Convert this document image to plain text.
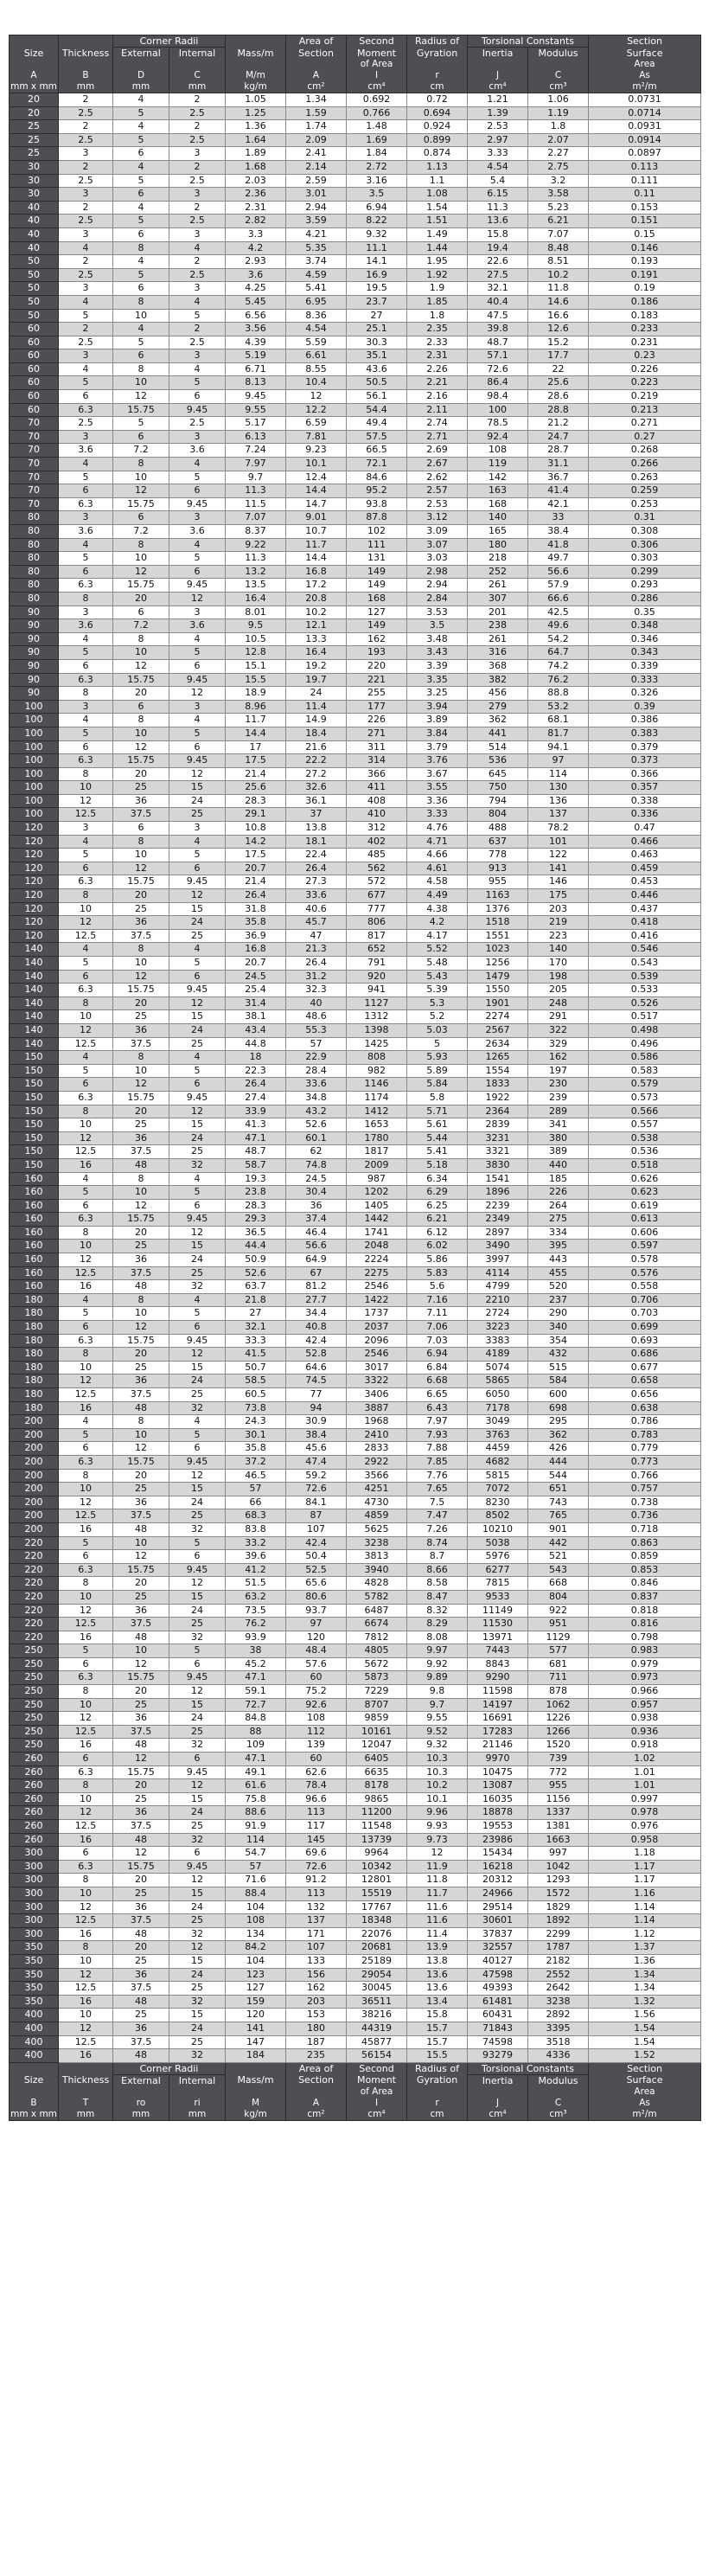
		Corner Radii			Area of	Second	Radius of	Torsional Constants		Section
Size	Thickness	External	Internal	Mass/m	Section	Moment	Gyration	Inertia	Modulus	Surface
						of Area				Area
A	B	D	C	M/m	A	I	r	J	C	As
mm x mm	mm	mm	mm	kg/m	cm²	cm⁴	cm	cm⁴	cm³	m²/m
20	2	4	2	1.05	1.34	0.692	0.72	1.21	1.06	0.0731
20	2.5	5	2.5	1.25	1.59	0.766	0.694	1.39	1.19	0.0714
25	2	4	2	1.36	1.74	1.48	0.924	2.53	1.8	0.0931
25	2.5	5	2.5	1.64	2.09	1.69	0.899	2.97	2.07	0.0914
25	3	6	3	1.89	2.41	1.84	0.874	3.33	2.27	0.0897
30	2	4	2	1.68	2.14	2.72	1.13	4.54	2.75	0.113
30	2.5	5	2.5	2.03	2.59	3.16	1.1	5.4	3.2	0.111
30	3	6	3	2.36	3.01	3.5	1.08	6.15	3.58	0.11
40	2	4	2	2.31	2.94	6.94	1.54	11.3	5.23	0.153
40	2.5	5	2.5	2.82	3.59	8.22	1.51	13.6	6.21	0.151
40	3	6	3	3.3	4.21	9.32	1.49	15.8	7.07	0.15
40	4	8	4	4.2	5.35	11.1	1.44	19.4	8.48	0.146
50	2	4	2	2.93	3.74	14.1	1.95	22.6	8.51	0.193
50	2.5	5	2.5	3.6	4.59	16.9	1.92	27.5	10.2	0.191
50	3	6	3	4.25	5.41	19.5	1.9	32.1	11.8	0.19
50	4	8	4	5.45	6.95	23.7	1.85	40.4	14.6	0.186
50	5	10	5	6.56	8.36	27	1.8	47.5	16.6	0.183
60	2	4	2	3.56	4.54	25.1	2.35	39.8	12.6	0.233
60	2.5	5	2.5	4.39	5.59	30.3	2.33	48.7	15.2	0.231
60	3	6	3	5.19	6.61	35.1	2.31	57.1	17.7	0.23
60	4	8	4	6.71	8.55	43.6	2.26	72.6	22	0.226
60	5	10	5	8.13	10.4	50.5	2.21	86.4	25.6	0.223
60	6	12	6	9.45	12	56.1	2.16	98.4	28.6	0.219
60	6.3	15.75	9.45	9.55	12.2	54.4	2.11	100	28.8	0.213
70	2.5	5	2.5	5.17	6.59	49.4	2.74	78.5	21.2	0.271
70	3	6	3	6.13	7.81	57.5	2.71	92.4	24.7	0.27
70	3.6	7.2	3.6	7.24	9.23	66.5	2.69	108	28.7	0.268
70	4	8	4	7.97	10.1	72.1	2.67	119	31.1	0.266
70	5	10	5	9.7	12.4	84.6	2.62	142	36.7	0.263
70	6	12	6	11.3	14.4	95.2	2.57	163	41.4	0.259
70	6.3	15.75	9.45	11.5	14.7	93.8	2.53	168	42.1	0.253
80	3	6	3	7.07	9.01	87.8	3.12	140	33	0.31
80	3.6	7.2	3.6	8.37	10.7	102	3.09	165	38.4	0.308
80	4	8	4	9.22	11.7	111	3.07	180	41.8	0.306
80	5	10	5	11.3	14.4	131	3.03	218	49.7	0.303
80	6	12	6	13.2	16.8	149	2.98	252	56.6	0.299
80	6.3	15.75	9.45	13.5	17.2	149	2.94	261	57.9	0.293
80	8	20	12	16.4	20.8	168	2.84	307	66.6	0.286
90	3	6	3	8.01	10.2	127	3.53	201	42.5	0.35
90	3.6	7.2	3.6	9.5	12.1	149	3.5	238	49.6	0.348
90	4	8	4	10.5	13.3	162	3.48	261	54.2	0.346
90	5	10	5	12.8	16.4	193	3.43	316	64.7	0.343
90	6	12	6	15.1	19.2	220	3.39	368	74.2	0.339
90	6.3	15.75	9.45	15.5	19.7	221	3.35	382	76.2	0.333
90	8	20	12	18.9	24	255	3.25	456	88.8	0.326
100	3	6	3	8.96	11.4	177	3.94	279	53.2	0.39
100	4	8	4	11.7	14.9	226	3.89	362	68.1	0.386
100	5	10	5	14.4	18.4	271	3.84	441	81.7	0.383
100	6	12	6	17	21.6	311	3.79	514	94.1	0.379
100	6.3	15.75	9.45	17.5	22.2	314	3.76	536	97	0.373
100	8	20	12	21.4	27.2	366	3.67	645	114	0.366
100	10	25	15	25.6	32.6	411	3.55	750	130	0.357
100	12	36	24	28.3	36.1	408	3.36	794	136	0.338
100	12.5	37.5	25	29.1	37	410	3.33	804	137	0.336
120	3	6	3	10.8	13.8	312	4.76	488	78.2	0.47
120	4	8	4	14.2	18.1	402	4.71	637	101	0.466
120	5	10	5	17.5	22.4	485	4.66	778	122	0.463
120	6	12	6	20.7	26.4	562	4.61	913	141	0.459
120	6.3	15.75	9.45	21.4	27.3	572	4.58	955	146	0.453
120	8	20	12	26.4	33.6	677	4.49	1163	175	0.446
120	10	25	15	31.8	40.6	777	4.38	1376	203	0.437
120	12	36	24	35.8	45.7	806	4.2	1518	219	0.418
120	12.5	37.5	25	36.9	47	817	4.17	1551	223	0.416
140	4	8	4	16.8	21.3	652	5.52	1023	140	0.546
140	5	10	5	20.7	26.4	791	5.48	1256	170	0.543
140	6	12	6	24.5	31.2	920	5.43	1479	198	0.539
140	6.3	15.75	9.45	25.4	32.3	941	5.39	1550	205	0.533
140	8	20	12	31.4	40	1127	5.3	1901	248	0.526
140	10	25	15	38.1	48.6	1312	5.2	2274	291	0.517
140	12	36	24	43.4	55.3	1398	5.03	2567	322	0.498
140	12.5	37.5	25	44.8	57	1425	5	2634	329	0.496
150	4	8	4	18	22.9	808	5.93	1265	162	0.586
150	5	10	5	22.3	28.4	982	5.89	1554	197	0.583
150	6	12	6	26.4	33.6	1146	5.84	1833	230	0.579
150	6.3	15.75	9.45	27.4	34.8	1174	5.8	1922	239	0.573
150	8	20	12	33.9	43.2	1412	5.71	2364	289	0.566
150	10	25	15	41.3	52.6	1653	5.61	2839	341	0.557
150	12	36	24	47.1	60.1	1780	5.44	3231	380	0.538
150	12.5	37.5	25	48.7	62	1817	5.41	3321	389	0.536
150	16	48	32	58.7	74.8	2009	5.18	3830	440	0.518
160	4	8	4	19.3	24.5	987	6.34	1541	185	0.626
160	5	10	5	23.8	30.4	1202	6.29	1896	226	0.623
160	6	12	6	28.3	36	1405	6.25	2239	264	0.619
160	6.3	15.75	9.45	29.3	37.4	1442	6.21	2349	275	0.613
160	8	20	12	36.5	46.4	1741	6.12	2897	334	0.606
160	10	25	15	44.4	56.6	2048	6.02	3490	395	0.597
160	12	36	24	50.9	64.9	2224	5.86	3997	443	0.578
160	12.5	37.5	25	52.6	67	2275	5.83	4114	455	0.576
160	16	48	32	63.7	81.2	2546	5.6	4799	520	0.558
180	4	8	4	21.8	27.7	1422	7.16	2210	237	0.706
180	5	10	5	27	34.4	1737	7.11	2724	290	0.703
180	6	12	6	32.1	40.8	2037	7.06	3223	340	0.699
180	6.3	15.75	9.45	33.3	42.4	2096	7.03	3383	354	0.693
180	8	20	12	41.5	52.8	2546	6.94	4189	432	0.686
180	10	25	15	50.7	64.6	3017	6.84	5074	515	0.677
180	12	36	24	58.5	74.5	3322	6.68	5865	584	0.658
180	12.5	37.5	25	60.5	77	3406	6.65	6050	600	0.656
180	16	48	32	73.8	94	3887	6.43	7178	698	0.638
200	4	8	4	24.3	30.9	1968	7.97	3049	295	0.786
200	5	10	5	30.1	38.4	2410	7.93	3763	362	0.783
200	6	12	6	35.8	45.6	2833	7.88	4459	426	0.779
200	6.3	15.75	9.45	37.2	47.4	2922	7.85	4682	444	0.773
200	8	20	12	46.5	59.2	3566	7.76	5815	544	0.766
200	10	25	15	57	72.6	4251	7.65	7072	651	0.757
200	12	36	24	66	84.1	4730	7.5	8230	743	0.738
200	12.5	37.5	25	68.3	87	4859	7.47	8502	765	0.736
200	16	48	32	83.8	107	5625	7.26	10210	901	0.718
220	5	10	5	33.2	42.4	3238	8.74	5038	442	0.863
220	6	12	6	39.6	50.4	3813	8.7	5976	521	0.859
220	6.3	15.75	9.45	41.2	52.5	3940	8.66	6277	543	0.853
220	8	20	12	51.5	65.6	4828	8.58	7815	668	0.846
220	10	25	15	63.2	80.6	5782	8.47	9533	804	0.837
220	12	36	24	73.5	93.7	6487	8.32	11149	922	0.818
220	12.5	37.5	25	76.2	97	6674	8.29	11530	951	0.816
220	16	48	32	93.9	120	7812	8.08	13971	1129	0.798
250	5	10	5	38	48.4	4805	9.97	7443	577	0.983
250	6	12	6	45.2	57.6	5672	9.92	8843	681	0.979
250	6.3	15.75	9.45	47.1	60	5873	9.89	9290	711	0.973
250	8	20	12	59.1	75.2	7229	9.8	11598	878	0.966
250	10	25	15	72.7	92.6	8707	9.7	14197	1062	0.957
250	12	36	24	84.8	108	9859	9.55	16691	1226	0.938
250	12.5	37.5	25	88	112	10161	9.52	17283	1266	0.936
250	16	48	32	109	139	12047	9.32	21146	1520	0.918
260	6	12	6	47.1	60	6405	10.3	9970	739	1.02
260	6.3	15.75	9.45	49.1	62.6	6635	10.3	10475	772	1.01
260	8	20	12	61.6	78.4	8178	10.2	13087	955	1.01
260	10	25	15	75.8	96.6	9865	10.1	16035	1156	0.997
260	12	36	24	88.6	113	11200	9.96	18878	1337	0.978
260	12.5	37.5	25	91.9	117	11548	9.93	19553	1381	0.976
260	16	48	32	114	145	13739	9.73	23986	1663	0.958
300	6	12	6	54.7	69.6	9964	12	15434	997	1.18
300	6.3	15.75	9.45	57	72.6	10342	11.9	16218	1042	1.17
300	8	20	12	71.6	91.2	12801	11.8	20312	1293	1.17
300	10	25	15	88.4	113	15519	11.7	24966	1572	1.16
300	12	36	24	104	132	17767	11.6	29514	1829	1.14
300	12.5	37.5	25	108	137	18348	11.6	30601	1892	1.14
300	16	48	32	134	171	22076	11.4	37837	2299	1.12
350	8	20	12	84.2	107	20681	13.9	32557	1787	1.37
350	10	25	15	104	133	25189	13.8	40127	2182	1.36
350	12	36	24	123	156	29054	13.6	47598	2552	1.34
350	12.5	37.5	25	127	162	30045	13.6	49393	2642	1.34
350	16	48	32	159	203	36511	13.4	61481	3238	1.32
400	10	25	15	120	153	38216	15.8	60431	2892	1.56
400	12	36	24	141	180	44319	15.7	71843	3395	1.54
400	12.5	37.5	25	147	187	45877	15.7	74598	3518	1.54
400	16	48	32	184	235	56154	15.5	93279	4336	1.52
		Corner Radii			Area of	Second	Radius of	Torsional Constants		Section
Size	Thickness	External	Internal	Mass/m	Section	Moment	Gyration	Inertia	Modulus	Surface
						of Area				Area
B	T	ro	ri	M	A	I	r	J	C	As
mm x mm	mm	mm	mm	kg/m	cm²	cm⁴	cm	cm⁴	cm³	m²/m
